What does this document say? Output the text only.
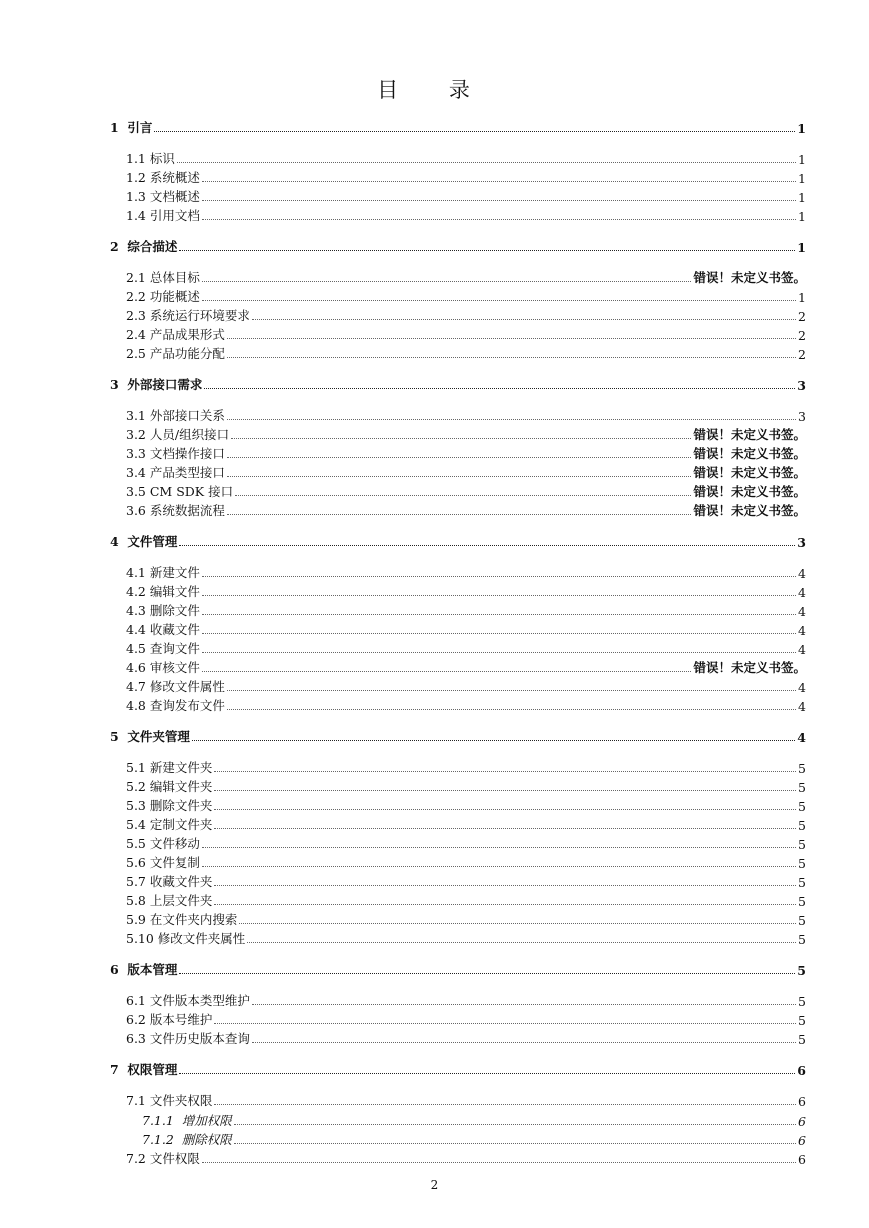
目 录
1  引言	1
1.1 标识	1
1.2 系统概述	1
1.3 文档概述	1
1.4 引用文档	1
2  综合描述	1
2.1 总体目标	错误！未定义书签。
2.2 功能概述	1
2.3 系统运行环境要求	2
2.4 产品成果形式	2
2.5 产品功能分配	2
3  外部接口需求	3
3.1 外部接口关系	3
3.2 人员/组织接口	错误！未定义书签。
3.3 文档操作接口	错误！未定义书签。
3.4 产品类型接口	错误！未定义书签。
3.5 CM SDK 接口	错误！未定义书签。
3.6 系统数据流程	错误！未定义书签。
4  文件管理	3
4.1 新建文件	4
4.2 编辑文件	4
4.3 删除文件	4
4.4 收藏文件	4
4.5 查询文件	4
4.6 审核文件	错误！未定义书签。
4.7 修改文件属性	4
4.8 查询发布文件	4
5  文件夹管理	4
5.1 新建文件夹	5
5.2 编辑文件夹	5
5.3 删除文件夹	5
5.4 定制文件夹	5
5.5 文件移动	5
5.6 文件复制	5
5.7 收藏文件夹	5
5.8 上层文件夹	5
5.9 在文件夹内搜索	5
5.10 修改文件夹属性	5
6  版本管理	5
6.1 文件版本类型维护	5
6.2 版本号维护	5
6.3 文件历史版本查询	5
7  权限管理	6
7.1 文件夹权限	6
7.1.1  增加权限	6
7.1.2  删除权限	6
7.2 文件权限	6
2
